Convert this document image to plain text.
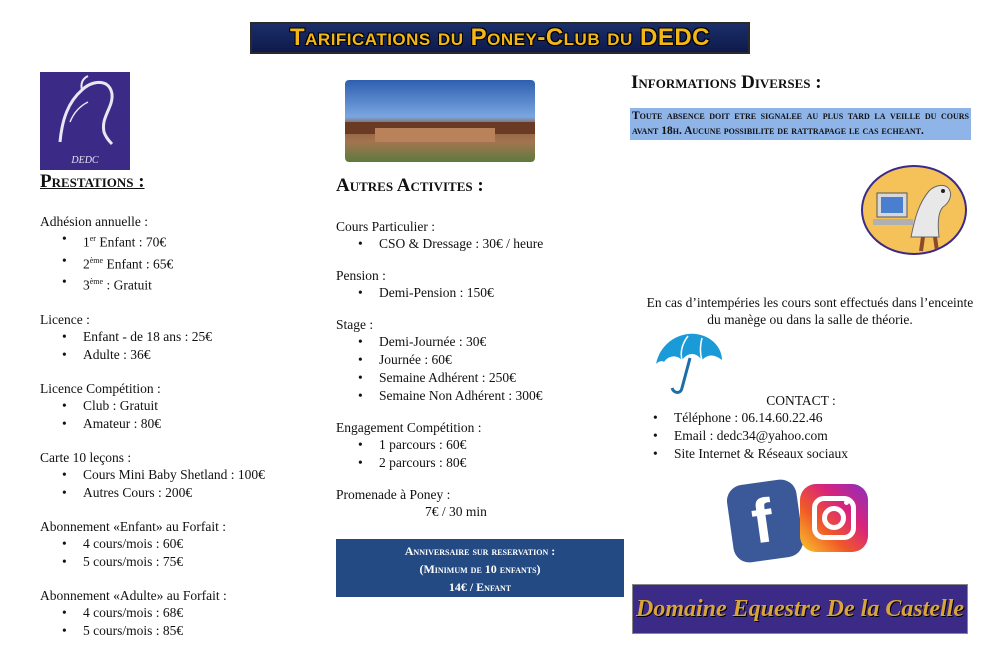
Tarifications du Poney-Club du DEDC
DEDC
Prestations :
Adhésion annuelle :
• 1er Enfant : 70€
• 2ème Enfant : 65€
• 3ème : Gratuit
Licence :
• Enfant - de 18 ans : 25€
• Adulte : 36€
Licence Compétition :
• Club : Gratuit
• Amateur : 80€
Carte 10 leçons :
• Cours Mini Baby Shetland : 100€
• Autres Cours : 200€
Abonnement «Enfant» au Forfait :
• 4 cours/mois : 60€
• 5 cours/mois : 75€
Abonnement «Adulte» au Forfait :
• 4 cours/mois : 68€
• 5 cours/mois : 85€
Autres Activites :
Cours Particulier :
• CSO & Dressage : 30€ / heure
Pension :
• Demi-Pension : 150€
Stage :
• Demi-Journée : 30€
• Journée : 60€
• Semaine Adhérent : 250€
• Semaine Non Adhérent : 300€
Engagement Compétition :
• 1 parcours : 60€
• 2 parcours : 80€
Promenade à Poney :
7€ / 30 min
Anniversaire sur reservation :
(Minimum de 10 enfants)
14€ / Enfant
Informations Diverses :
Toute absence doit etre signalee au plus tard la veille du cours avant 18h. Aucune possibilite de rattrapage le cas echeant.
En cas d’intempéries les cours sont effectués dans l’enceinte du manège ou dans la salle de théorie.
CONTACT :
• Téléphone : 06.14.60.22.46
• Email : dedc34@yahoo.com
• Site Internet & Réseaux sociaux
f
Domaine Equestre De la Castelle
